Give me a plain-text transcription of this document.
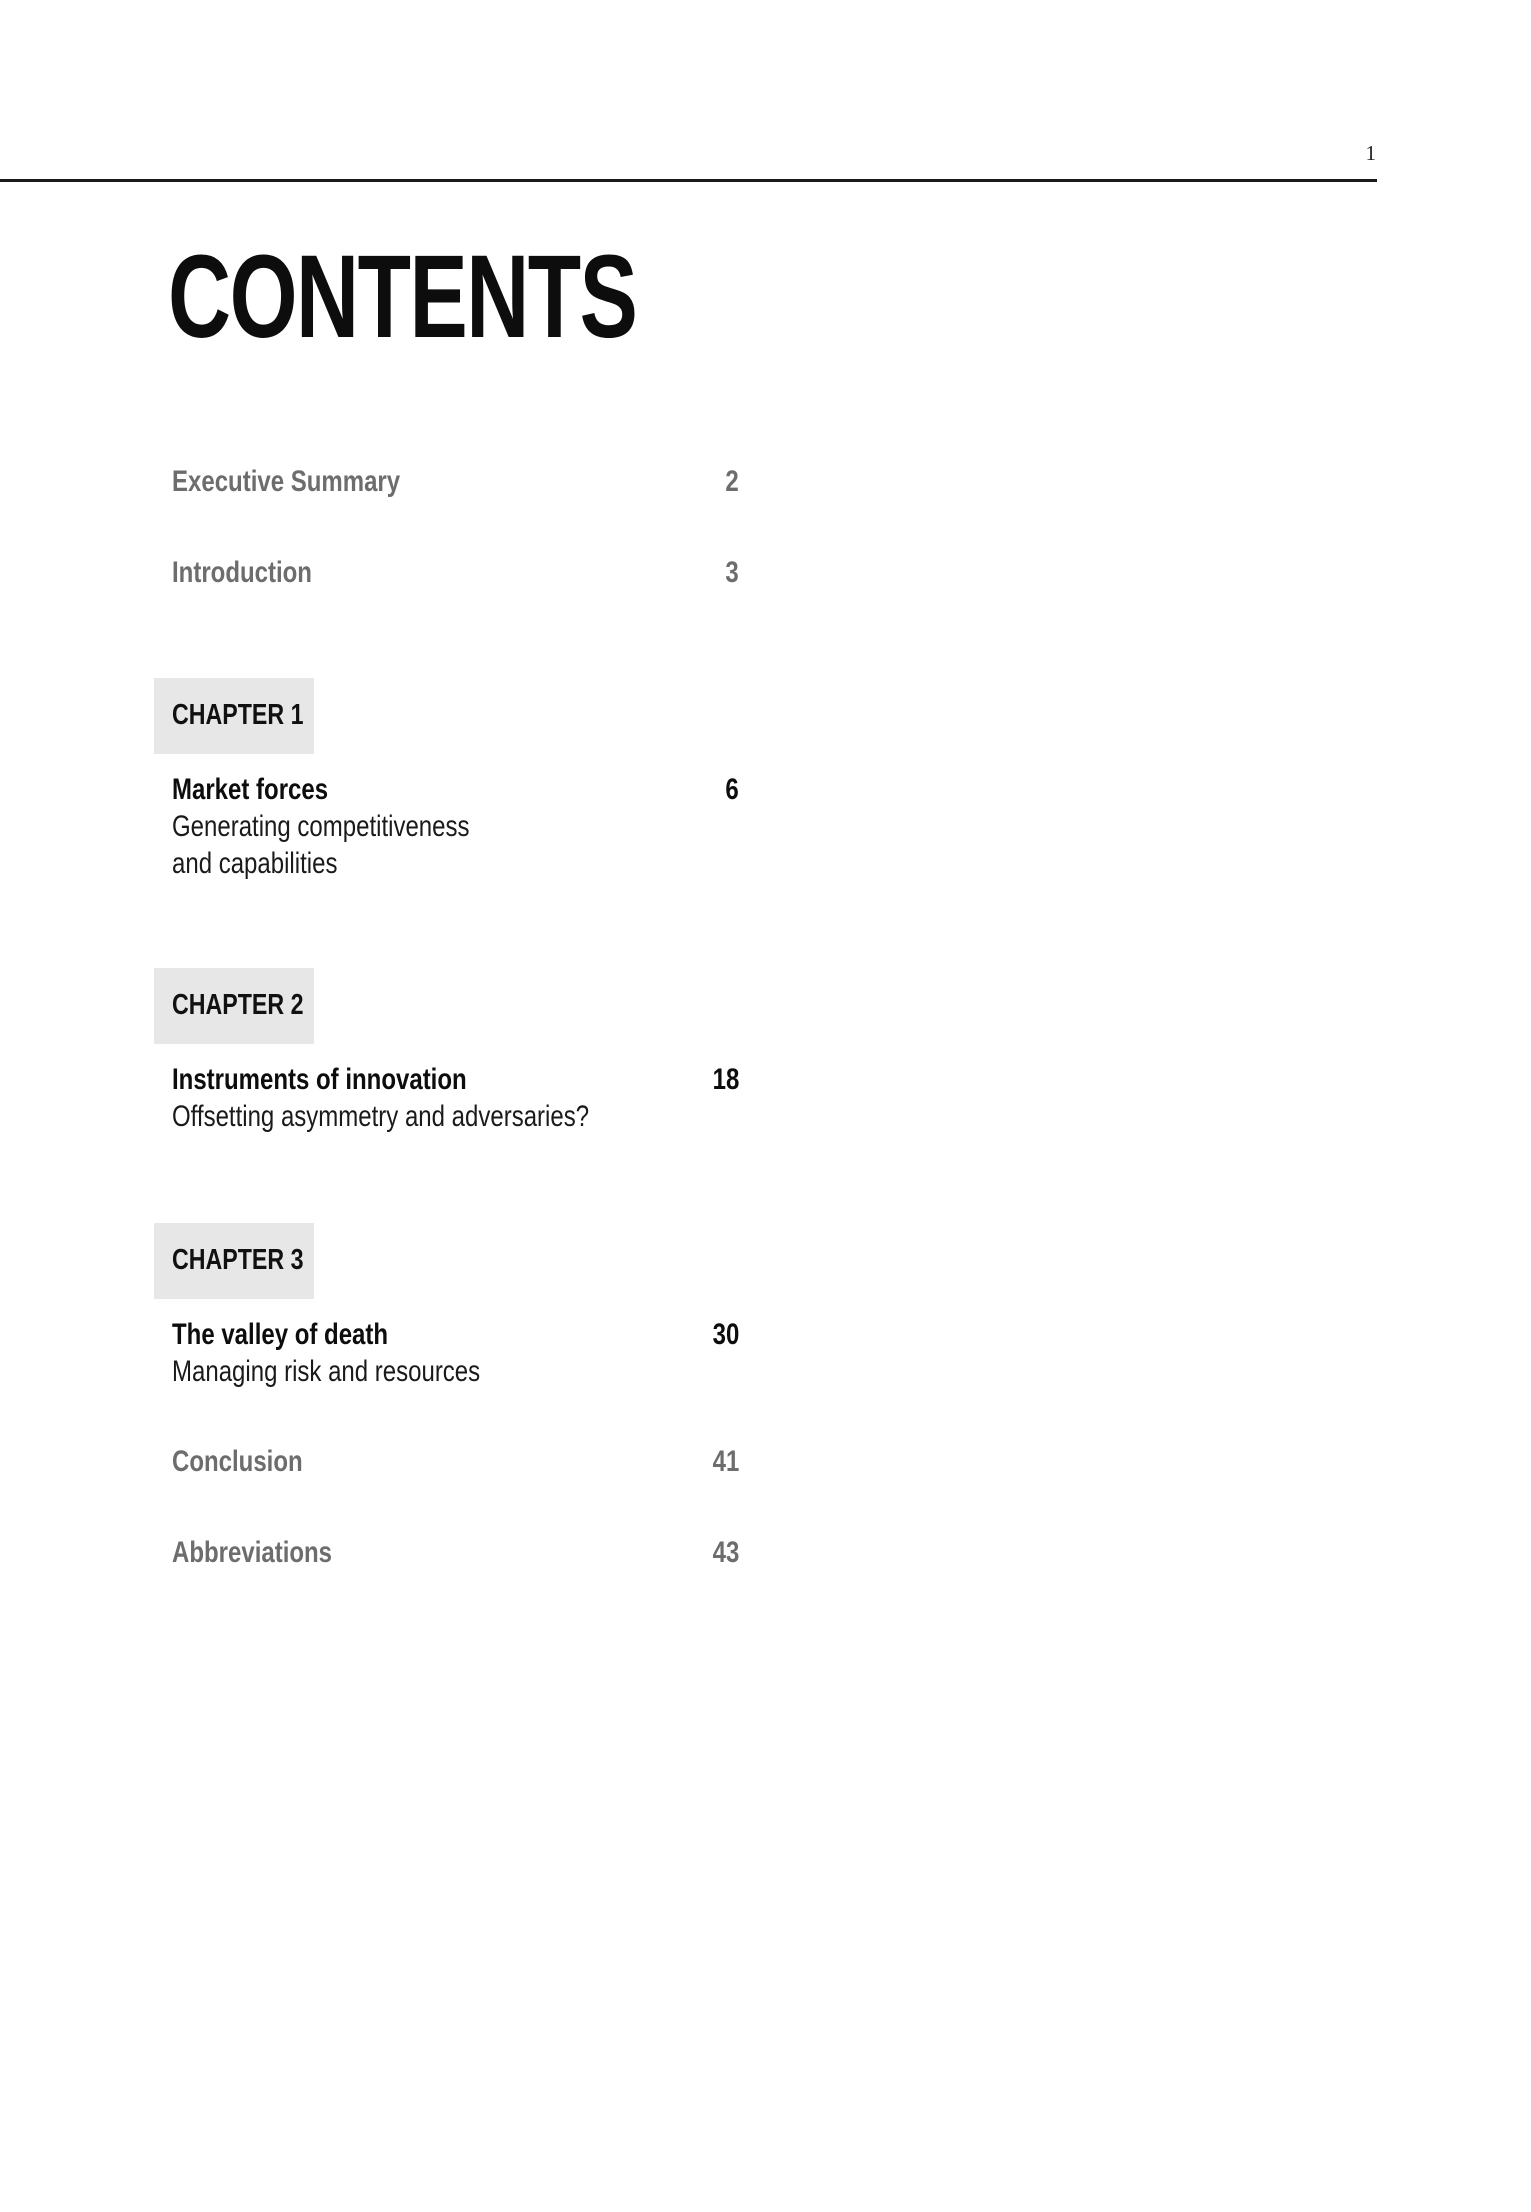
1
CONTENTS
Executive Summary	2
Introduction	3
CHAPTER 1
Market forces	6
Generating competitiveness
and capabilities
CHAPTER 2
Instruments of innovation	18
Offsetting asymmetry and adversaries?
CHAPTER 3
The valley of death	30
Managing risk and resources
Conclusion	41
Abbreviations	43
